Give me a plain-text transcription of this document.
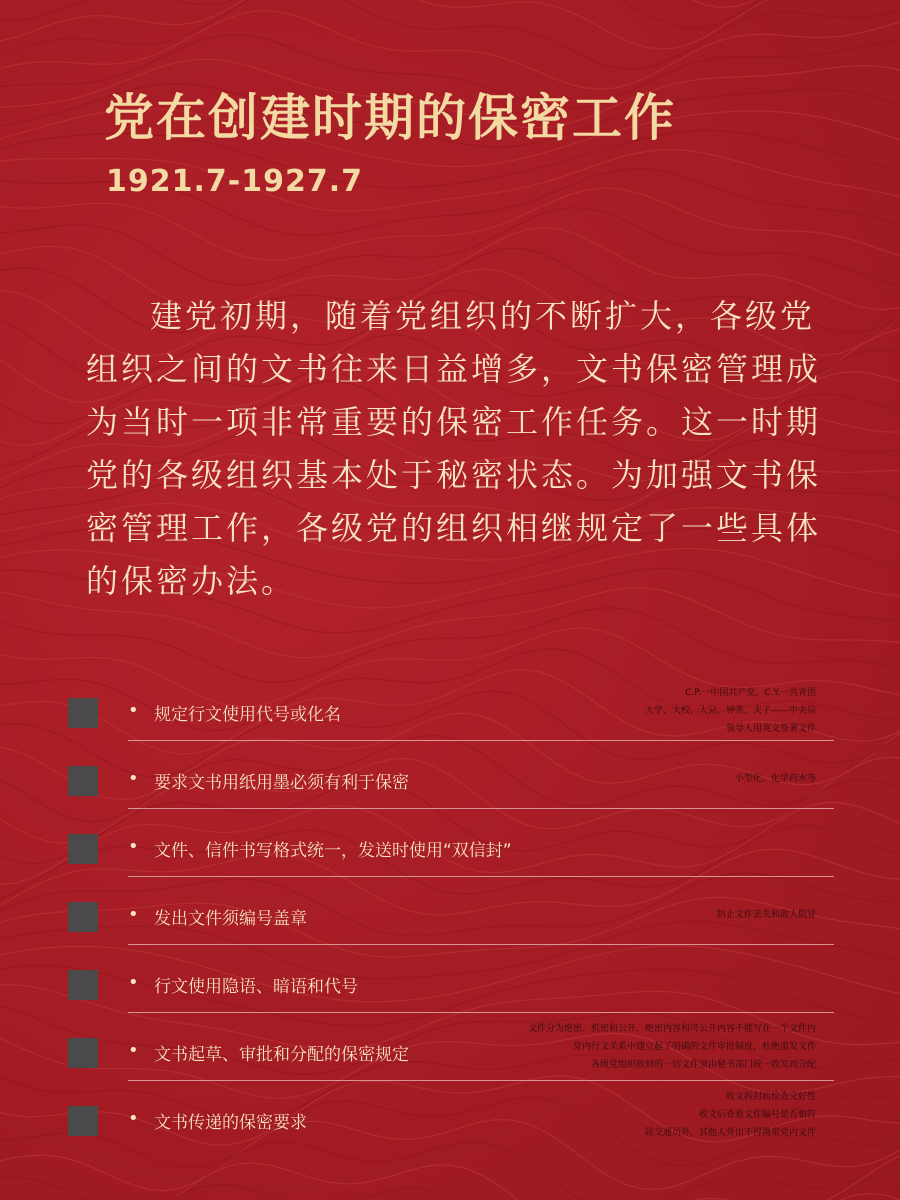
党在创建时期的保密工作
1921.7-1927.7

建党初期，随着党组织的不断扩大，各级党组织之间的文书往来日益增多，文书保密管理成为当时一项非常重要的保密工作任务。这一时期党的各级组织基本处于秘密状态。为加强文书保密管理工作，各级党的组织相继规定了一些具体的保密办法。

• 规定行文使用代号或化名
C.P.一中国共产党，C.Y.一共青团
大学、大校、大兄、钟英、夫子——中央局
领导人用英文签署文件
• 要求文书用纸用墨必须有利于保密	小型化、化学药水等
• 文件、信件书写格式统一，发送时使用“双信封”
• 发出文件须编号盖章	防止文件丢失和敌人假冒
• 行文使用隐语、暗语和代号
• 文书起草、审批和分配的保密规定
文件分为绝密、机密和公开，绝密内容和可公开内容不能写在一个文件内
党内行文关系中建立起了明确的文件审批制度，杜绝滥发文件
各级党组织收到的一切文件须由秘书部门统一收发再分配
• 文书传递的保密要求
收文拆封前检查完好性
收文后查看文件编号是否相符
除交通员外，其他人外出不得携带党内文件
